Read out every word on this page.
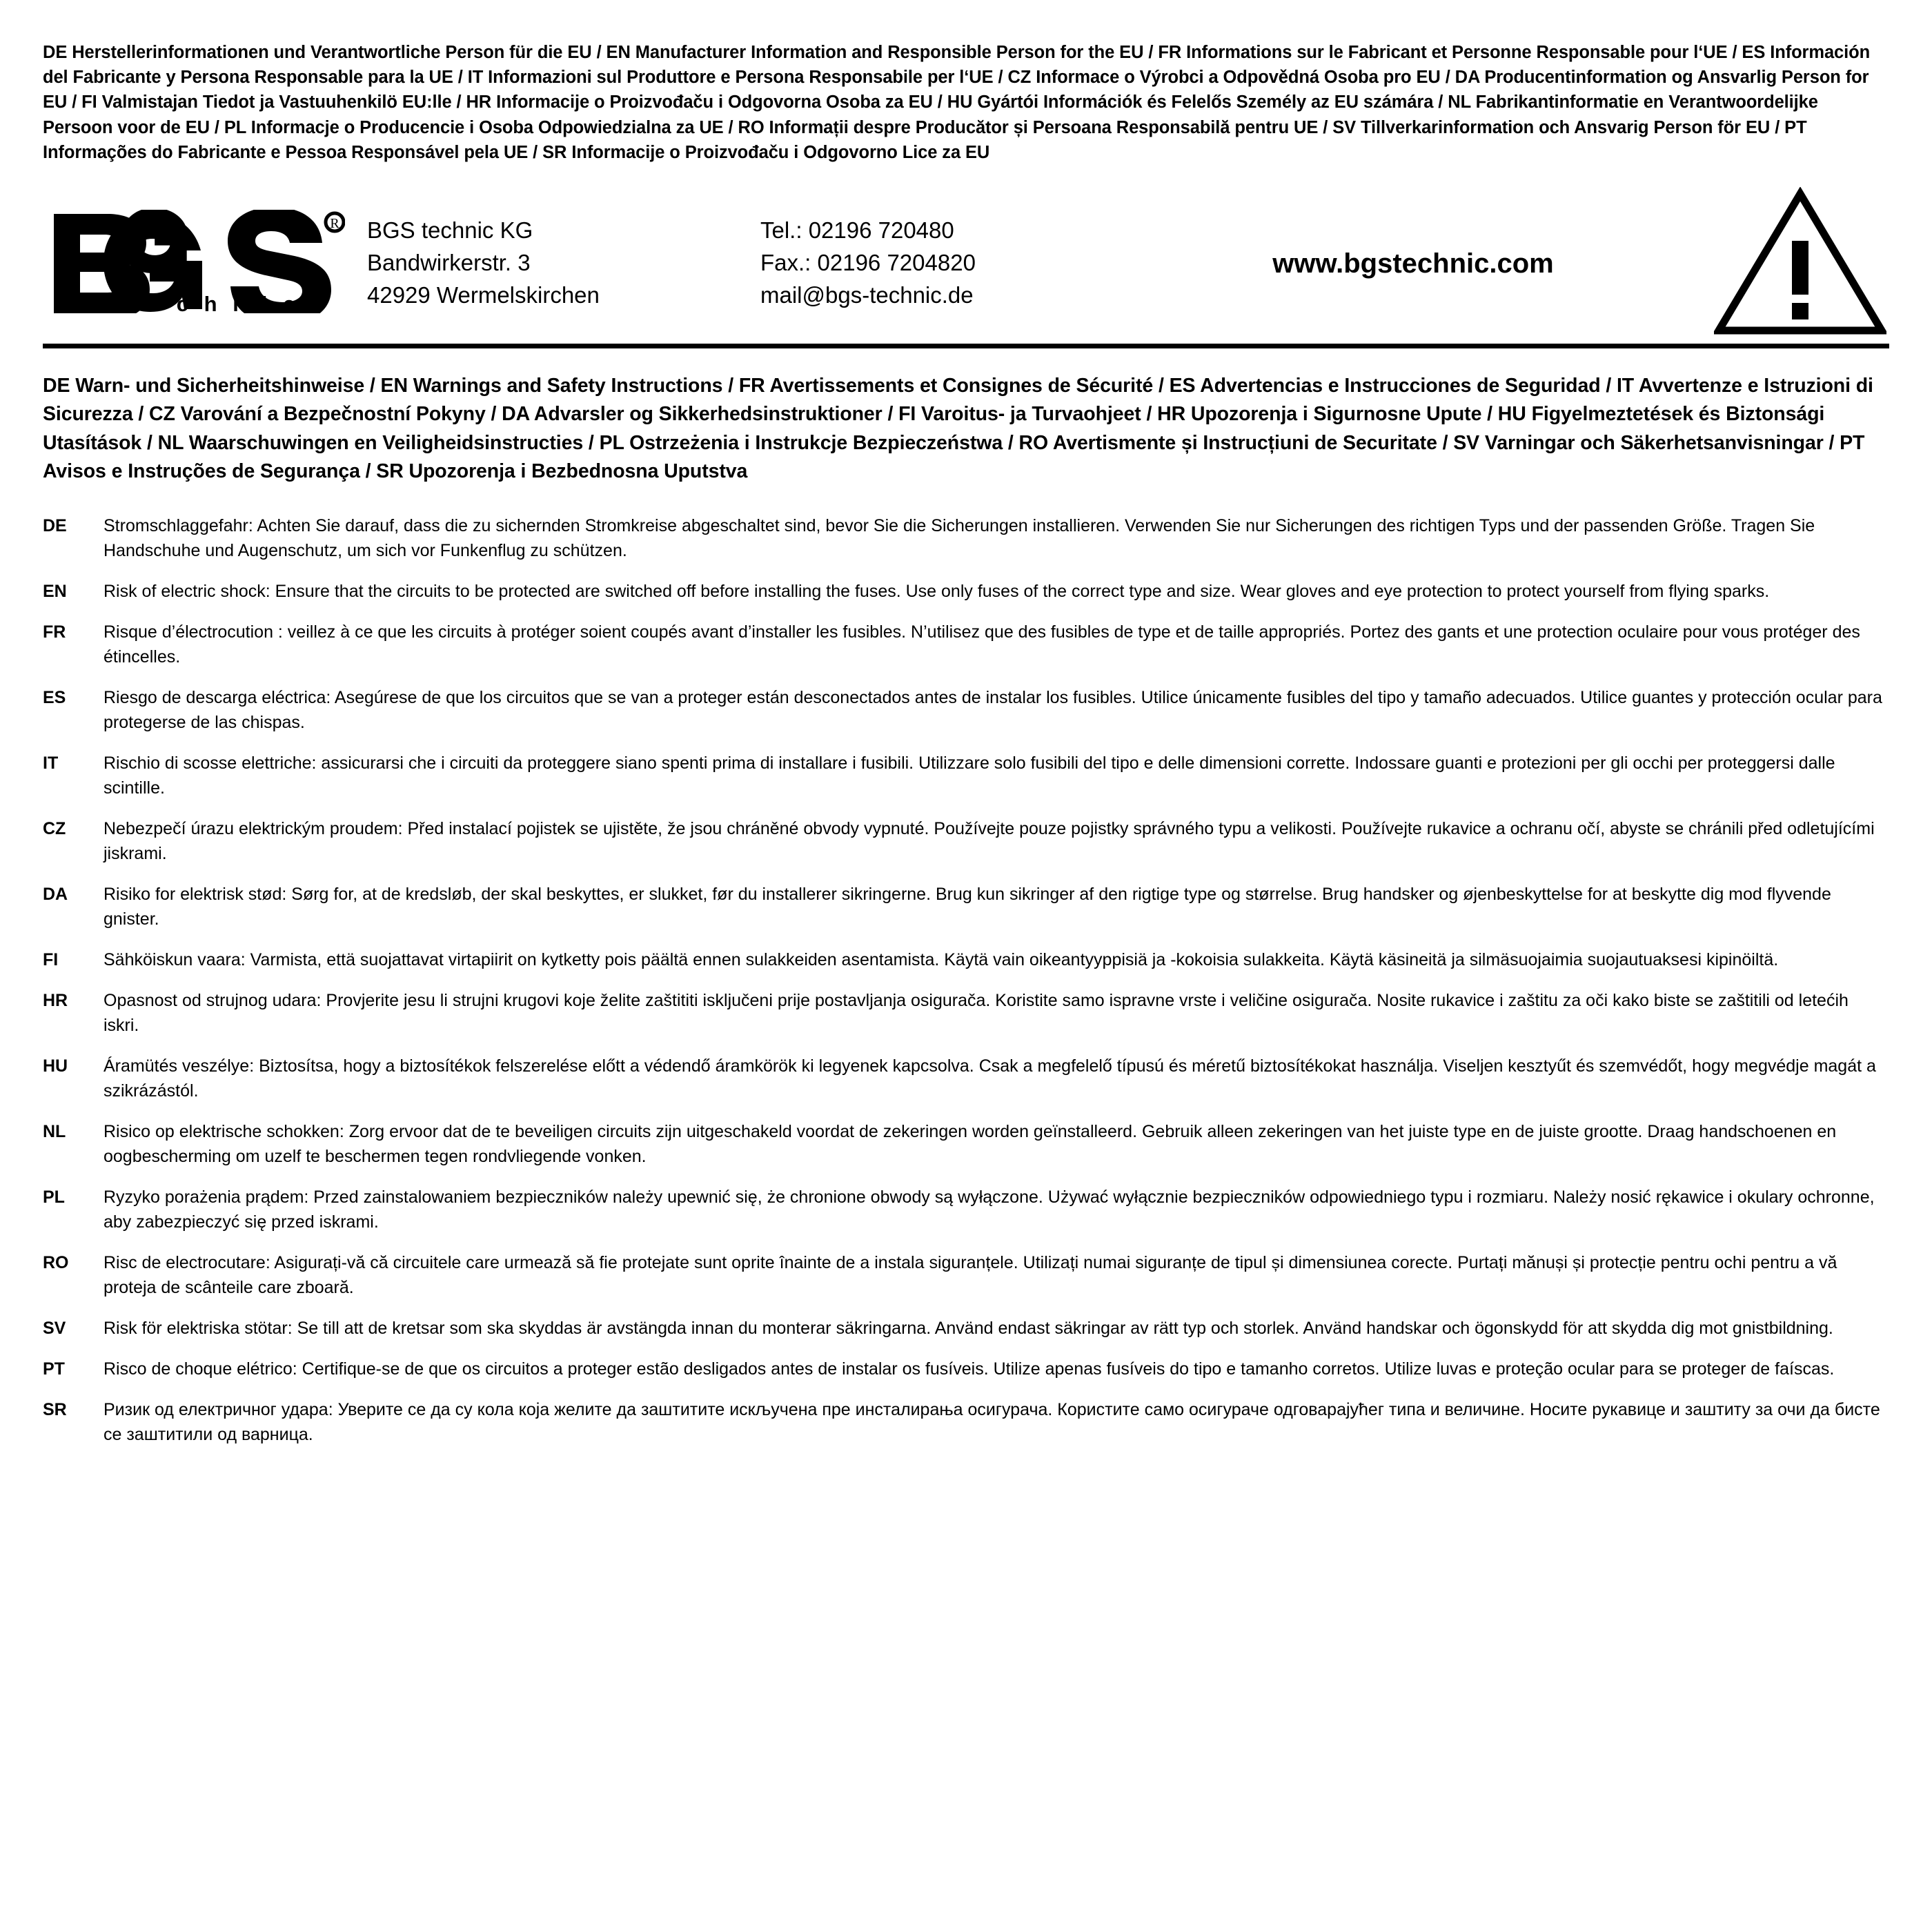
DE Herstellerinformationen und Verantwortliche Person für die EU / EN Manufacturer Information and Responsible Person for the EU / FR Informations sur le Fabricant et Personne Responsable pour l‘UE / ES Información del Fabricante y Persona Responsable para la UE / IT Informazioni sul Produttore e Persona Responsabile per l‘UE / CZ Informace o Výrobci a Odpovědná Osoba pro EU / DA Producentinformation og Ansvarlig Person for EU / FI Valmistajan Tiedot ja Vastuuhenkilö EU:lle / HR Informacije o Proizvođaču i Odgovorna Osoba za EU / HU Gyártói Információk és Felelős Személy az EU számára / NL Fabrikantinformatie en Verantwoordelijke Persoon voor de EU / PL Informacje o Producencie i Osoba Odpowiedzialna za UE / RO Informații despre Producător și Persoana Responsabilă pentru UE / SV Tillverkarinformation och Ansvarig Person för EU / PT Informações do Fabricante e Pessoa Responsável pela UE / SR Informacije o Proizvođaču i Odgovorno Lice za EU

R
t e c h n i c
BGS technic KG
Bandwirkerstr. 3
42929 Wermelskirchen
Tel.: 02196 720480
Fax.: 02196 7204820
mail@bgs-technic.de
www.bgstechnic.com

DE Warn- und Sicherheitshinweise / EN Warnings and Safety Instructions / FR Avertissements et Consignes de Sécurité / ES Advertencias e Instrucciones de Seguridad / IT Avvertenze e Istruzioni di Sicurezza / CZ Varování a Bezpečnostní Pokyny / DA Advarsler og Sikkerhedsinstruktioner / FI Varoitus- ja Turvaohjeet / HR Upozorenja i Sigurnosne Upute / HU Figyelmeztetések és Biztonsági Utasítások / NL Waarschuwingen en Veiligheidsinstructies / PL Ostrzeżenia i Instrukcje Bezpieczeństwa / RO Avertismente și Instrucțiuni de Securitate / SV Varningar och Säkerhetsanvisningar / PT Avisos e Instruções de Segurança / SR Upozorenja i Bezbednosna Uputstva

DE	Stromschlaggefahr: Achten Sie darauf, dass die zu sichernden Stromkreise abgeschaltet sind, bevor Sie die Sicherungen installieren. Verwenden Sie nur Sicherungen des richtigen Typs und der passenden Größe. Tragen Sie Handschuhe und Augenschutz, um sich vor Funkenflug zu schützen.
EN	Risk of electric shock: Ensure that the circuits to be protected are switched off before installing the fuses. Use only fuses of the correct type and size. Wear gloves and eye protection to protect yourself from flying sparks.
FR	Risque d’électrocution : veillez à ce que les circuits à protéger soient coupés avant d’installer les fusibles. N’utilisez que des fusibles de type et de taille appropriés. Portez des gants et une protection oculaire pour vous protéger des étincelles.
ES	Riesgo de descarga eléctrica: Asegúrese de que los circuitos que se van a proteger están desconectados antes de instalar los fusibles. Utilice únicamente fusibles del tipo y tamaño adecuados. Utilice guantes y protección ocular para protegerse de las chispas.
IT	Rischio di scosse elettriche: assicurarsi che i circuiti da proteggere siano spenti prima di installare i fusibili. Utilizzare solo fusibili del tipo e delle dimensioni corrette. Indossare guanti e protezioni per gli occhi per proteggersi dalle scintille.
CZ	Nebezpečí úrazu elektrickým proudem: Před instalací pojistek se ujistěte, že jsou chráněné obvody vypnuté. Používejte pouze pojistky správného typu a velikosti. Používejte rukavice a ochranu očí, abyste se chránili před odletujícími jiskrami.
DA	Risiko for elektrisk stød: Sørg for, at de kredsløb, der skal beskyttes, er slukket, før du installerer sikringerne. Brug kun sikringer af den rigtige type og størrelse. Brug handsker og øjenbeskyttelse for at beskytte dig mod flyvende gnister.
FI	Sähköiskun vaara: Varmista, että suojattavat virtapiirit on kytketty pois päältä ennen sulakkeiden asentamista. Käytä vain oikeantyyppisiä ja -kokoisia sulakkeita. Käytä käsineitä ja silmäsuojaimia suojautuaksesi kipinöiltä.
HR	Opasnost od strujnog udara: Provjerite jesu li strujni krugovi koje želite zaštititi isključeni prije postavljanja osigurača. Koristite samo ispravne vrste i veličine osigurača. Nosite rukavice i zaštitu za oči kako biste se zaštitili od letećih iskri.
HU	Áramütés veszélye: Biztosítsa, hogy a biztosítékok felszerelése előtt a védendő áramkörök ki legyenek kapcsolva. Csak a megfelelő típusú és méretű biztosítékokat használja. Viseljen kesztyűt és szemvédőt, hogy megvédje magát a szikrázástól.
NL	Risico op elektrische schokken: Zorg ervoor dat de te beveiligen circuits zijn uitgeschakeld voordat de zekeringen worden geïnstalleerd. Gebruik alleen zekeringen van het juiste type en de juiste grootte. Draag handschoenen en oogbescherming om uzelf te beschermen tegen rondvliegende vonken.
PL	Ryzyko porażenia prądem: Przed zainstalowaniem bezpieczników należy upewnić się, że chronione obwody są wyłączone. Używać wyłącznie bezpieczników odpowiedniego typu i rozmiaru. Należy nosić rękawice i okulary ochronne, aby zabezpieczyć się przed iskrami.
RO	Risc de electrocutare: Asigurați-vă că circuitele care urmează să fie protejate sunt oprite înainte de a instala siguranțele. Utilizați numai siguranțe de tipul și dimensiunea corecte. Purtați mănuși și protecție pentru ochi pentru a vă proteja de scânteile care zboară.
SV	Risk för elektriska stötar: Se till att de kretsar som ska skyddas är avstängda innan du monterar säkringarna. Använd endast säkringar av rätt typ och storlek. Använd handskar och ögonskydd för att skydda dig mot gnistbildning.
PT	Risco de choque elétrico: Certifique-se de que os circuitos a proteger estão desligados antes de instalar os fusíveis. Utilize apenas fusíveis do tipo e tamanho corretos. Utilize luvas e proteção ocular para se proteger de faíscas.
SR	Ризик од електричног удара: Уверите се да су кола која желите да заштитите искључена пре инсталирања осигурача. Користите само осигураче одговарајућег типа и величине. Носите рукавице и заштиту за очи да бисте се заштитили од варница.
